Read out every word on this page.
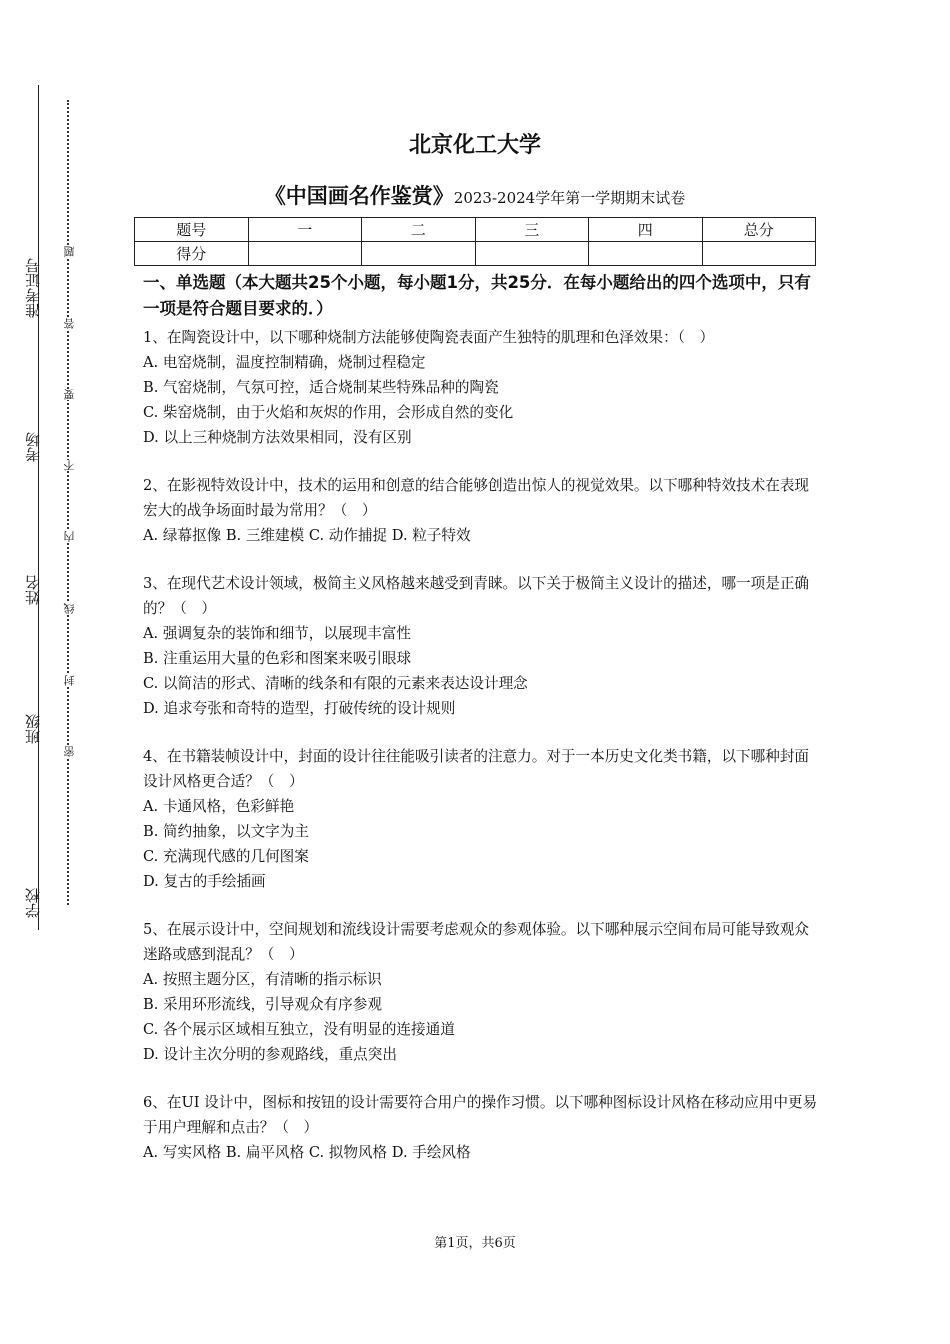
准考证号
考场
姓名
班级
学校
题
答
要
不
内
线
封
密
北京化工大学
《中国画名作鉴赏》2023-2024学年第一学期期末试卷
题号	一	二	三	四	总分
得分					
一、单选题（本大题共25个小题，每小题1分，共25分．在每小题给出的四个选项中，只有一项是符合题目要求的．）
1、在陶瓷设计中，以下哪种烧制方法能够使陶瓷表面产生独特的肌理和色泽效果：（　）
A. 电窑烧制，温度控制精确，烧制过程稳定
B. 气窑烧制，气氛可控，适合烧制某些特殊品种的陶瓷
C. 柴窑烧制，由于火焰和灰烬的作用，会形成自然的变化
D. 以上三种烧制方法效果相同，没有区别
2、在影视特效设计中，技术的运用和创意的结合能够创造出惊人的视觉效果。以下哪种特效技术在表现宏大的战争场面时最为常用？（　）
A. 绿幕抠像 B. 三维建模 C. 动作捕捉 D. 粒子特效
3、在现代艺术设计领域，极简主义风格越来越受到青睐。以下关于极简主义设计的描述，哪一项是正确的？（　）
A. 强调复杂的装饰和细节，以展现丰富性
B. 注重运用大量的色彩和图案来吸引眼球
C. 以简洁的形式、清晰的线条和有限的元素来表达设计理念
D. 追求夸张和奇特的造型，打破传统的设计规则
4、在书籍装帧设计中，封面的设计往往能吸引读者的注意力。对于一本历史文化类书籍，以下哪种封面设计风格更合适？（　）
A. 卡通风格，色彩鲜艳
B. 简约抽象，以文字为主
C. 充满现代感的几何图案
D. 复古的手绘插画
5、在展示设计中，空间规划和流线设计需要考虑观众的参观体验。以下哪种展示空间布局可能导致观众迷路或感到混乱？（　）
A. 按照主题分区，有清晰的指示标识
B. 采用环形流线，引导观众有序参观
C. 各个展示区域相互独立，没有明显的连接通道
D. 设计主次分明的参观路线，重点突出
6、在UI 设计中，图标和按钮的设计需要符合用户的操作习惯。以下哪种图标设计风格在移动应用中更易于用户理解和点击？（　）
A. 写实风格 B. 扁平风格 C. 拟物风格 D. 手绘风格
第1页，共6页
